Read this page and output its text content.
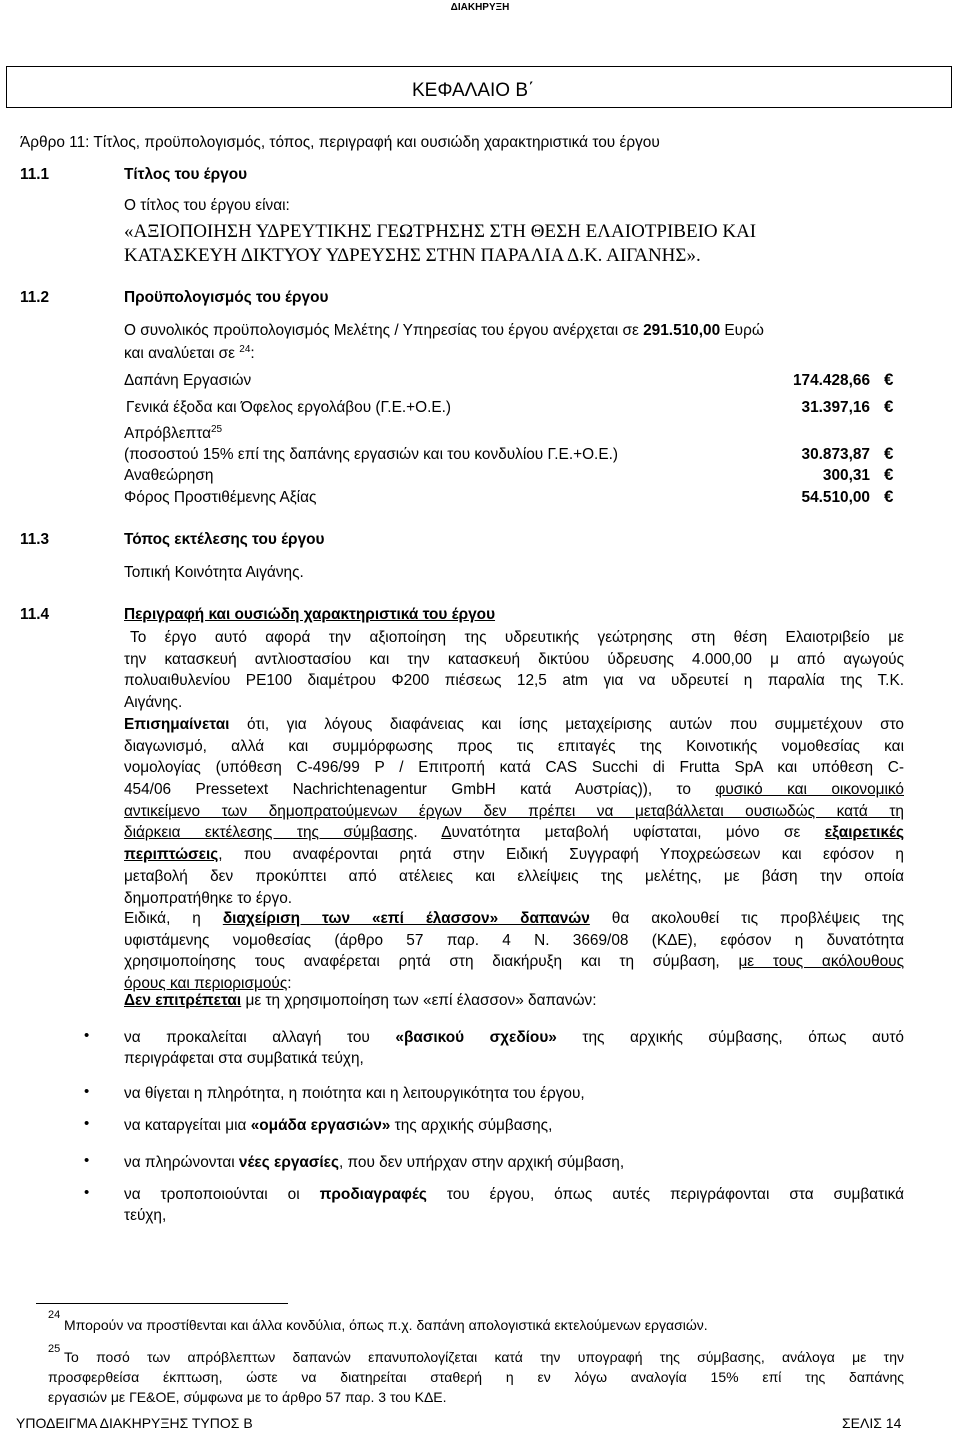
ΔΙΑΚΗΡΥΞΗ
ΚΕΦΑΛΑΙΟ Β΄
Άρθρο 11: Τίτλος, προϋπολογισμός, τόπος, περιγραφή και ουσιώδη χαρακτηριστικά του έργου
11.1	Τίτλος του έργου
Ο τίτλος του έργου είναι:
«ΑΞΙΟΠΟΙΗΣΗ ΥΔΡΕΥΤΙΚΗΣ ΓΕΩΤΡΗΣΗΣ ΣΤΗ ΘΕΣΗ ΕΛΑΙΟΤΡΙΒΕΙΟ ΚΑΙ
ΚΑΤΑΣΚΕΥΗ ΔΙΚΤΥΟΥ ΥΔΡΕΥΣΗΣ ΣΤΗΝ ΠΑΡΑΛΙΑ Δ.Κ. ΑΙΓΑΝΗΣ».
11.2	Προϋπολογισμός του έργου
Ο συνολικός προϋπολογισμός Μελέτης / Υπηρεσίας του έργου ανέρχεται σε 291.510,00 Ευρώ
και αναλύεται σε $^{24}$:
Δαπάνη Εργασιών	174.428,66 €
Γενικά έξοδα και Όφελος εργολάβου (Γ.Ε.+Ο.Ε.)	31.397,16 €
Απρόβλεπτα$^{25}$
(ποσοστού 15% επί της δαπάνης εργασιών και του κονδυλίου Γ.Ε.+Ο.Ε.)	30.873,87 €
Αναθεώρηση	300,31 €
Φόρος Προστιθέμενης Αξίας	54.510,00 €
11.3	Τόπος εκτέλεσης του έργου
Τοπική Κοινότητα Αιγάνης.
11.4	Περιγραφή και ουσιώδη χαρακτηριστικά του έργου
Το έργο αυτό αφορά την αξιοποίηση της υδρευτικής γεώτρησης στη θέση Ελαιοτριβείο με
την κατασκευή αντλιοστασίου και την κατασκευή δικτύου ύδρευσης 4.000,00 μ από αγωγούς
πολυαιθυλενίου PE100 διαμέτρου Φ200 πιέσεως 12,5 atm για να υδρευτεί η παραλία της Τ.Κ.
Αιγάνης.
Επισημαίνεται ότι, για λόγους διαφάνειας και ίσης μεταχείρισης αυτών που συμμετέχουν στο
διαγωνισμό, αλλά και συμμόρφωσης προς τις επιταγές της Κοινοτικής νομοθεσίας και
νομολογίας (υπόθεση C-496/99 P / Επιτροπή κατά CAS Succhi di Frutta SpA και υπόθεση C-
454/06 Pressetext Nachrichtenagentur GmbH κατά Αυστρίας)), το φυσικό και οικονομικό
αντικείμενο των δημοπρατούμενων έργων δεν πρέπει να μεταβάλλεται ουσιωδώς κατά τη
διάρκεια εκτέλεσης της σύμβασης. Δυνατότητα μεταβολή υφίσταται, μόνο σε εξαιρετικές
περιπτώσεις, που αναφέρονται ρητά στην Ειδική Συγγραφή Υποχρεώσεων και εφόσον η
μεταβολή δεν προκύπτει από ατέλειες και ελλείψεις της μελέτης, με βάση την οποία
δημοπρατήθηκε το έργο.
Ειδικά, η διαχείριση των «επί έλασσον» δαπανών θα ακολουθεί τις προβλέψεις της
υφιστάμενης νομοθεσίας (άρθρο 57 παρ. 4 Ν. 3669/08 (ΚΔΕ), εφόσον η δυνατότητα
χρησιμοποίησης τους αναφέρεται ρητά στη διακήρυξη και τη σύμβαση, με τους ακόλουθους
όρους και περιορισμούς:
Δεν επιτρέπεται με τη χρησιμοποίηση των «επί έλασσον» δαπανών:
• να προκαλείται αλλαγή του «βασικού σχεδίου» της αρχικής σύμβασης, όπως αυτό
περιγράφεται στα συμβατικά τεύχη,
• να θίγεται η πληρότητα, η ποιότητα και η λειτουργικότητα του έργου,
• να καταργείται μια «ομάδα εργασιών» της αρχικής σύμβασης,
• να πληρώνονται νέες εργασίες, που δεν υπήρχαν στην αρχική σύμβαση,
• να τροποποιούνται οι προδιαγραφές του έργου, όπως αυτές περιγράφονται στα συμβατικά
τεύχη,
24
Μπορούν να προστίθενται και άλλα κονδύλια, όπως π.χ. δαπάνη απολογιστικά εκτελούμενων εργασιών.
25 Το ποσό των απρόβλεπτων δαπανών επανυπολογίζεται κατά την υπογραφή της σύμβασης, ανάλογα με την
προσφερθείσα έκπτωση, ώστε να διατηρείται σταθερή η εν λόγω αναλογία 15% επί της δαπάνης
εργασιών με ΓΕ&ΟΕ, σύμφωνα με το άρθρο 57 παρ. 3 του ΚΔΕ.
ΥΠΟΔΕΙΓΜΑ ΔΙΑΚΗΡΥΞΗΣ ΤΥΠΟΣ Β	ΣΕΛΙΣ 14
